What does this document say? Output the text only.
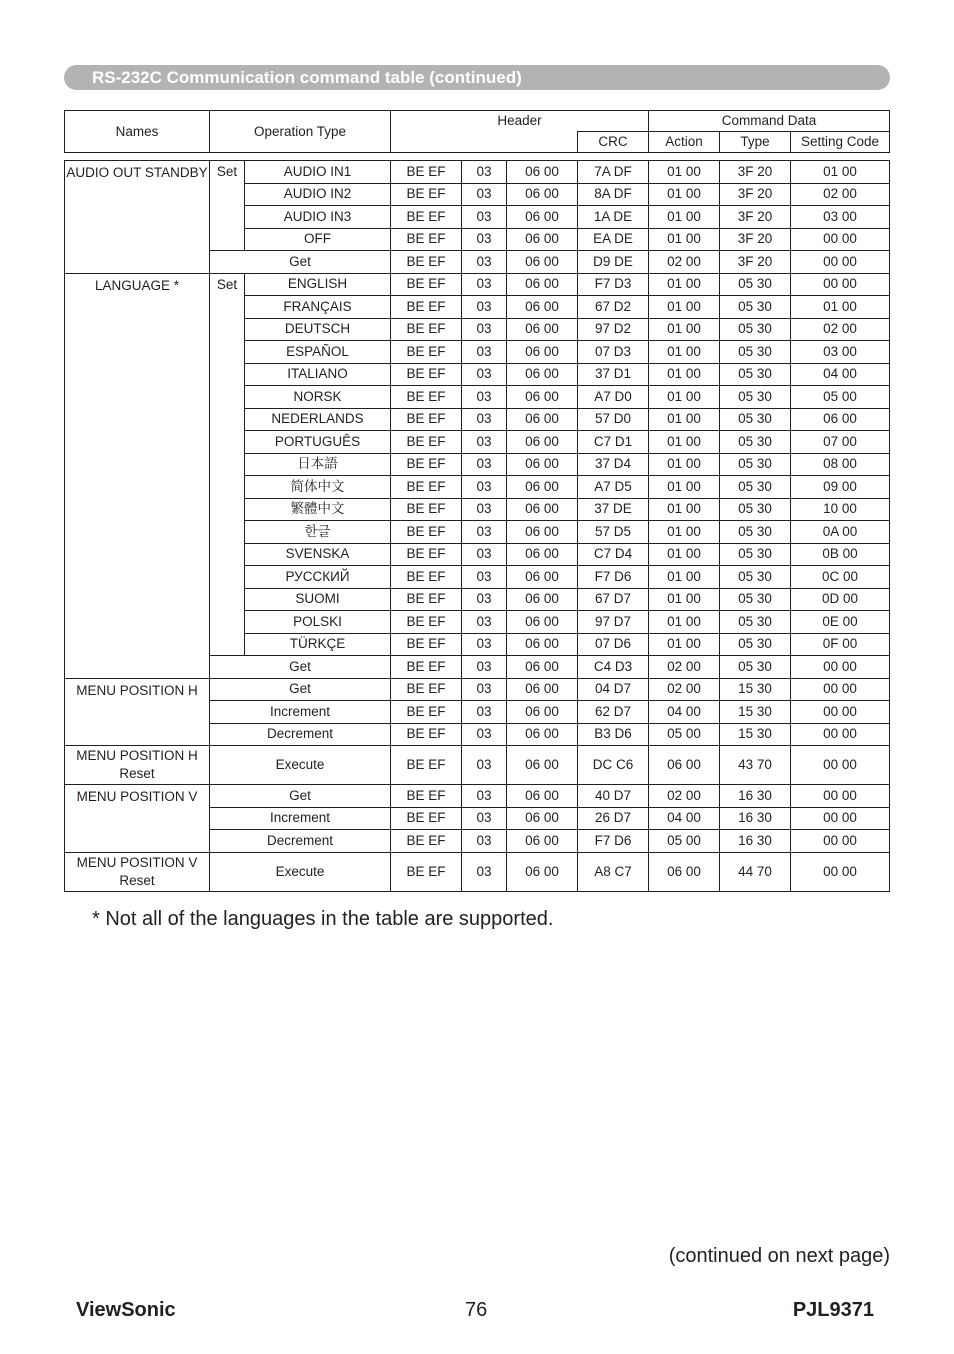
RS-232C Communication command table (continued)
Names	Operation Type		Header				Command Data		
						CRC	Action	Type	Setting Code

AUDIO OUT STANDBY	Set	AUDIO IN1	BE EF	03	06 00	7A DF	01 00	3F 20	01 00
		AUDIO IN2	BE EF	03	06 00	8A DF	01 00	3F 20	02 00
		AUDIO IN3	BE EF	03	06 00	1A DE	01 00	3F 20	03 00
		OFF	BE EF	03	06 00	EA DE	01 00	3F 20	00 00
	Get		BE EF	03	06 00	D9 DE	02 00	3F 20	00 00
LANGUAGE *	Set	ENGLISH	BE EF	03	06 00	F7 D3	01 00	05 30	00 00
		FRANÇAIS	BE EF	03	06 00	67 D2	01 00	05 30	01 00
		DEUTSCH	BE EF	03	06 00	97 D2	01 00	05 30	02 00
		ESPAÑOL	BE EF	03	06 00	07 D3	01 00	05 30	03 00
		ITALIANO	BE EF	03	06 00	37 D1	01 00	05 30	04 00
		NORSK	BE EF	03	06 00	A7 D0	01 00	05 30	05 00
		NEDERLANDS	BE EF	03	06 00	57 D0	01 00	05 30	06 00
		PORTUGUÊS	BE EF	03	06 00	C7 D1	01 00	05 30	07 00
		日本語	BE EF	03	06 00	37 D4	01 00	05 30	08 00
		简体中文	BE EF	03	06 00	A7 D5	01 00	05 30	09 00
		繁體中文	BE EF	03	06 00	37 DE	01 00	05 30	10 00
		한글	BE EF	03	06 00	57 D5	01 00	05 30	0A 00
		SVENSKA	BE EF	03	06 00	C7 D4	01 00	05 30	0B 00
		РУССКИЙ	BE EF	03	06 00	F7 D6	01 00	05 30	0C 00
		SUOMI	BE EF	03	06 00	67 D7	01 00	05 30	0D 00
		POLSKI	BE EF	03	06 00	97 D7	01 00	05 30	0E 00
		TÜRKÇE	BE EF	03	06 00	07 D6	01 00	05 30	0F 00
	Get		BE EF	03	06 00	C4 D3	02 00	05 30	00 00
MENU POSITION H	Get		BE EF	03	06 00	04 D7	02 00	15 30	00 00
	Increment		BE EF	03	06 00	62 D7	04 00	15 30	00 00
	Decrement		BE EF	03	06 00	B3 D6	05 00	15 30	00 00
MENU POSITION H Reset	Execute		BE EF	03	06 00	DC C6	06 00	43 70	00 00
MENU POSITION V	Get		BE EF	03	06 00	40 D7	02 00	16 30	00 00
	Increment		BE EF	03	06 00	26 D7	04 00	16 30	00 00
	Decrement		BE EF	03	06 00	F7 D6	05 00	16 30	00 00
MENU POSITION V Reset	Execute		BE EF	03	06 00	A8 C7	06 00	44 70	00 00
* Not all of the languages in the table are supported.
(continued on next page)
ViewSonic	76	PJL9371
